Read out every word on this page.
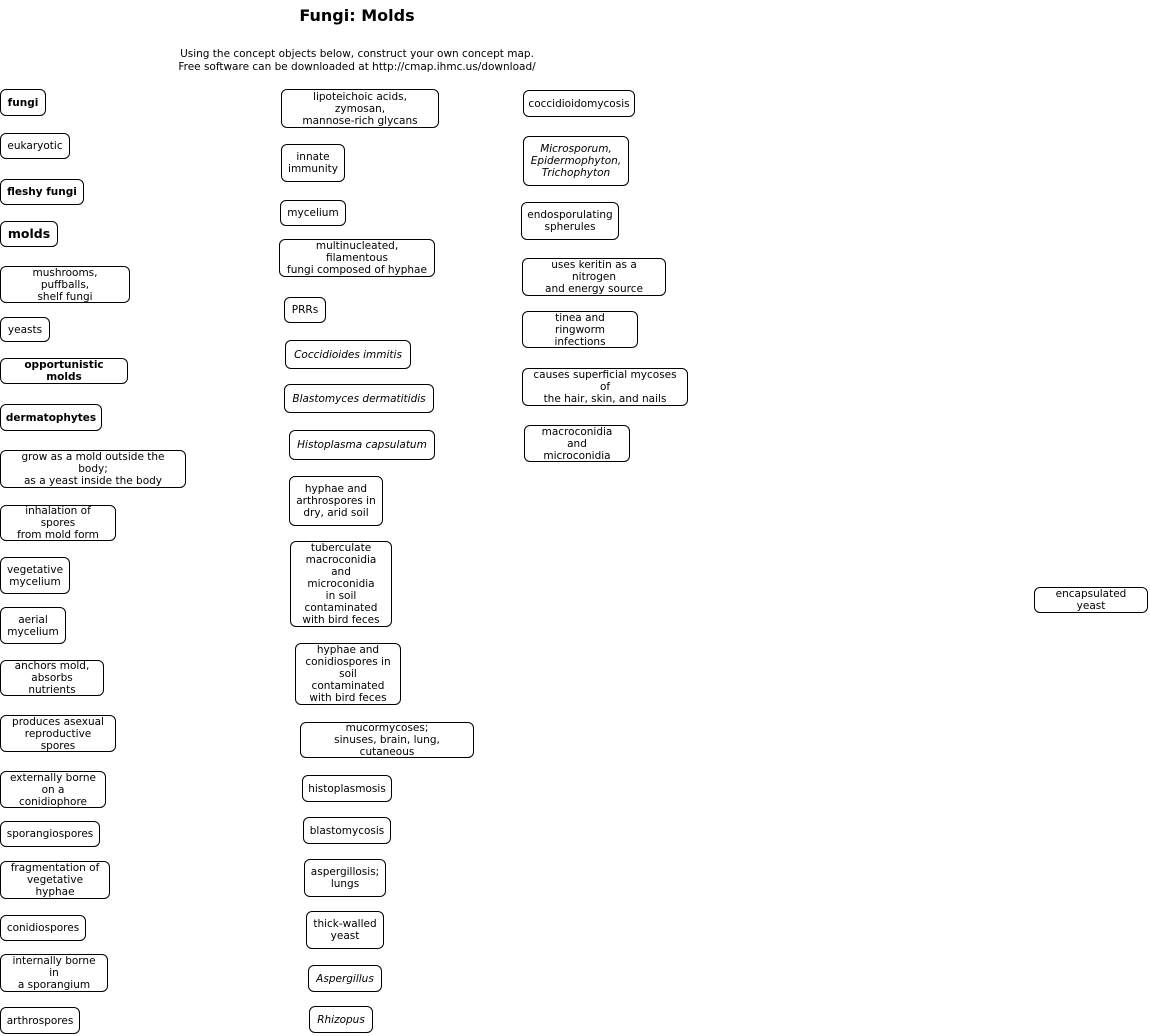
Fungi: Molds
Using the concept objects below, construct your own concept map.
Free software can be downloaded at http://cmap.ihmc.us/download/
fungi
eukaryotic
fleshy fungi
molds
mushrooms, puffballs,
shelf fungi
yeasts
opportunistic molds
dermatophytes
grow as a mold outside the body;
as a yeast inside the body
inhalation of spores
from mold form
vegetative
mycelium
aerial
mycelium
anchors mold,
absorbs nutrients
produces asexual
reproductive spores
externally borne
on a conidiophore
sporangiospores
fragmentation of
vegetative hyphae
conidiospores
internally borne in
a sporangium
arthrospores
lipoteichoic acids, zymosan,
mannose-rich glycans
innate
immunity
mycelium
multinucleated, filamentous
fungi composed of hyphae
PRRs
Coccidioides immitis
Blastomyces dermatitidis
Histoplasma capsulatum
hyphae and
arthrospores in
dry, arid soil
tuberculate
macroconidia
and microconidia
in soil
contaminated
with bird feces
hyphae and
conidiospores in
soil contaminated
with bird feces
mucormycoses;
sinuses, brain, lung, cutaneous
histoplasmosis
blastomycosis
aspergillosis;
lungs
thick-walled
yeast
Aspergillus
Rhizopus
coccidioidomycosis
Microsporum,
Epidermophyton,
Trichophyton
endosporulating
spherules
uses keritin as a nitrogen
and energy source
tinea and ringworm
infections
causes superficial mycoses of
the hair, skin, and nails
macroconidia and
microconidia
encapsulated yeast
